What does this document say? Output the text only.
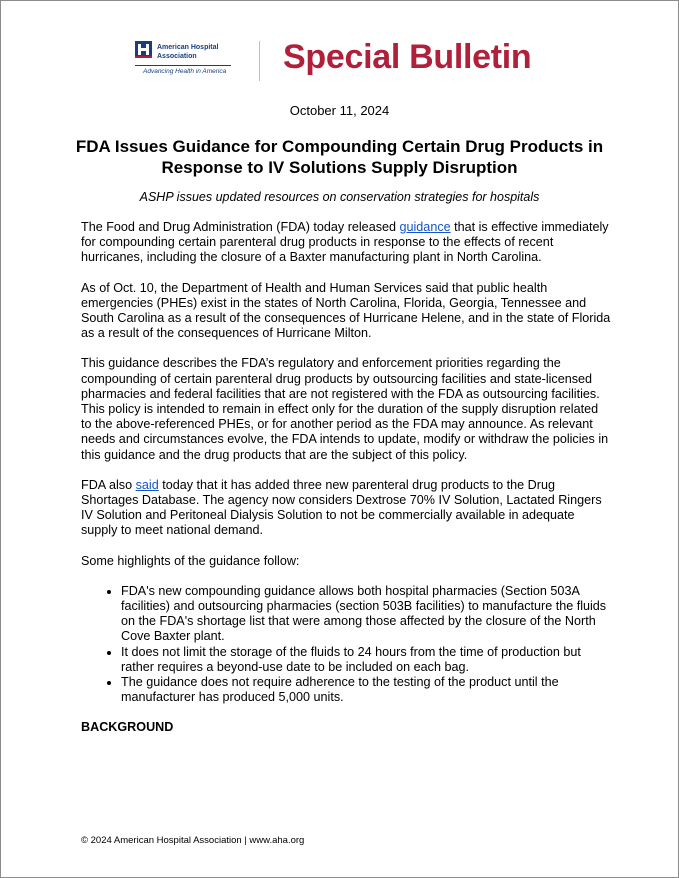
American Hospital
Association
Advancing Health in America Special Bulletin
October 11, 2024
FDA Issues Guidance for Compounding Certain Drug Products in Response to IV Solutions Supply Disruption
ASHP issues updated resources on conservation strategies for hospitals

The Food and Drug Administration (FDA) today released guidance that is effective immediately for compounding certain parenteral drug products in response to the effects of recent hurricanes, including the closure of a Baxter manufacturing plant in North Carolina.

As of Oct. 10, the Department of Health and Human Services said that public health emergencies (PHEs) exist in the states of North Carolina, Florida, Georgia, Tennessee and South Carolina as a result of the consequences of Hurricane Helene, and in the state of Florida as a result of the consequences of Hurricane Milton.

This guidance describes the FDA’s regulatory and enforcement priorities regarding the compounding of certain parenteral drug products by outsourcing facilities and state-licensed pharmacies and federal facilities that are not registered with the FDA as outsourcing facilities. This policy is intended to remain in effect only for the duration of the supply disruption related to the above-referenced PHEs, or for another period as the FDA may announce. As relevant needs and circumstances evolve, the FDA intends to update, modify or withdraw the policies in this guidance and the drug products that are the subject of this policy.

FDA also said today that it has added three new parenteral drug products to the Drug Shortages Database. The agency now considers Dextrose 70% IV Solution, Lactated Ringers IV Solution and Peritoneal Dialysis Solution to not be commercially available in adequate supply to meet national demand.

Some highlights of the guidance follow:

• FDA's new compounding guidance allows both hospital pharmacies (Section 503A facilities) and outsourcing pharmacies (section 503B facilities) to manufacture the fluids on the FDA's shortage list that were among those affected by the closure of the North Cove Baxter plant.
• It does not limit the storage of the fluids to 24 hours from the time of production but rather requires a beyond-use date to be included on each bag.
• The guidance does not require adherence to the testing of the product until the manufacturer has produced 5,000 units.
BACKGROUND
© 2024 American Hospital Association | www.aha.org
